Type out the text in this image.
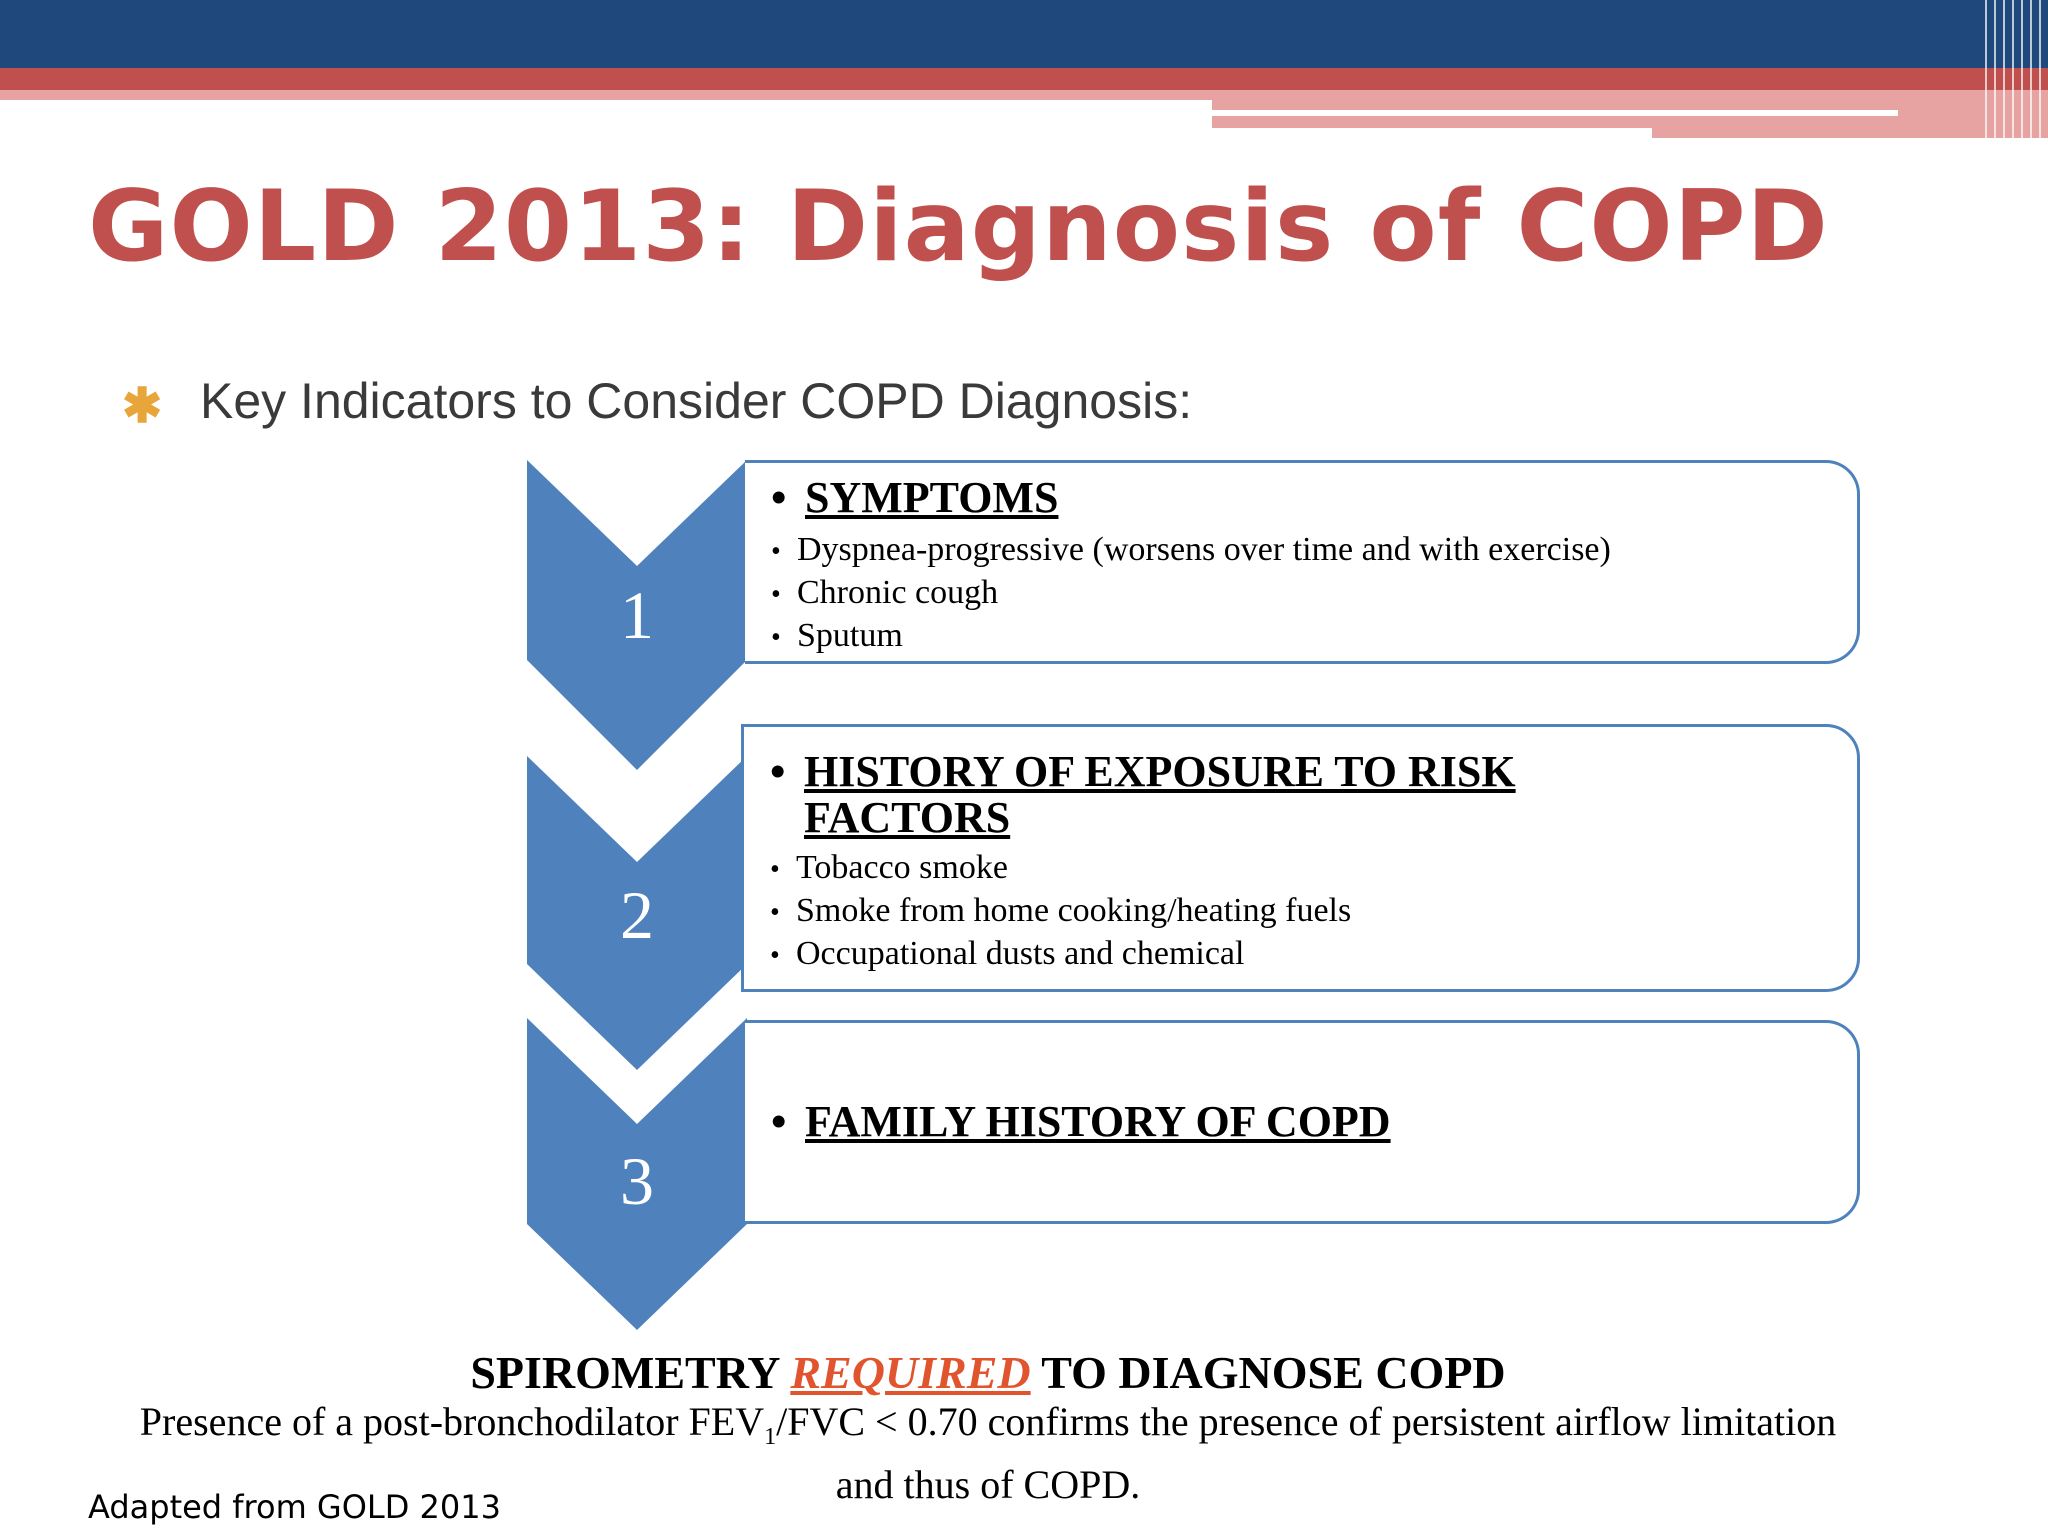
GOLD 2013: Diagnosis of COPD
✱ Key Indicators to Consider COPD Diagnosis:
1
2
3
• SYMPTOMS
• Dyspnea-progressive (worsens over time and with exercise)
• Chronic cough
• Sputum
• HISTORY OF EXPOSURE TO RISK
FACTORS
• Tobacco smoke
• Smoke from home cooking/heating fuels
• Occupational dusts and chemical
• FAMILY HISTORY OF COPD
SPIROMETRY REQUIRED TO DIAGNOSE COPD
Presence of a post-bronchodilator $FEV_1$/FVC < 0.70 confirms the presence of persistent airflow limitation and thus of COPD.
Adapted from GOLD 2013
